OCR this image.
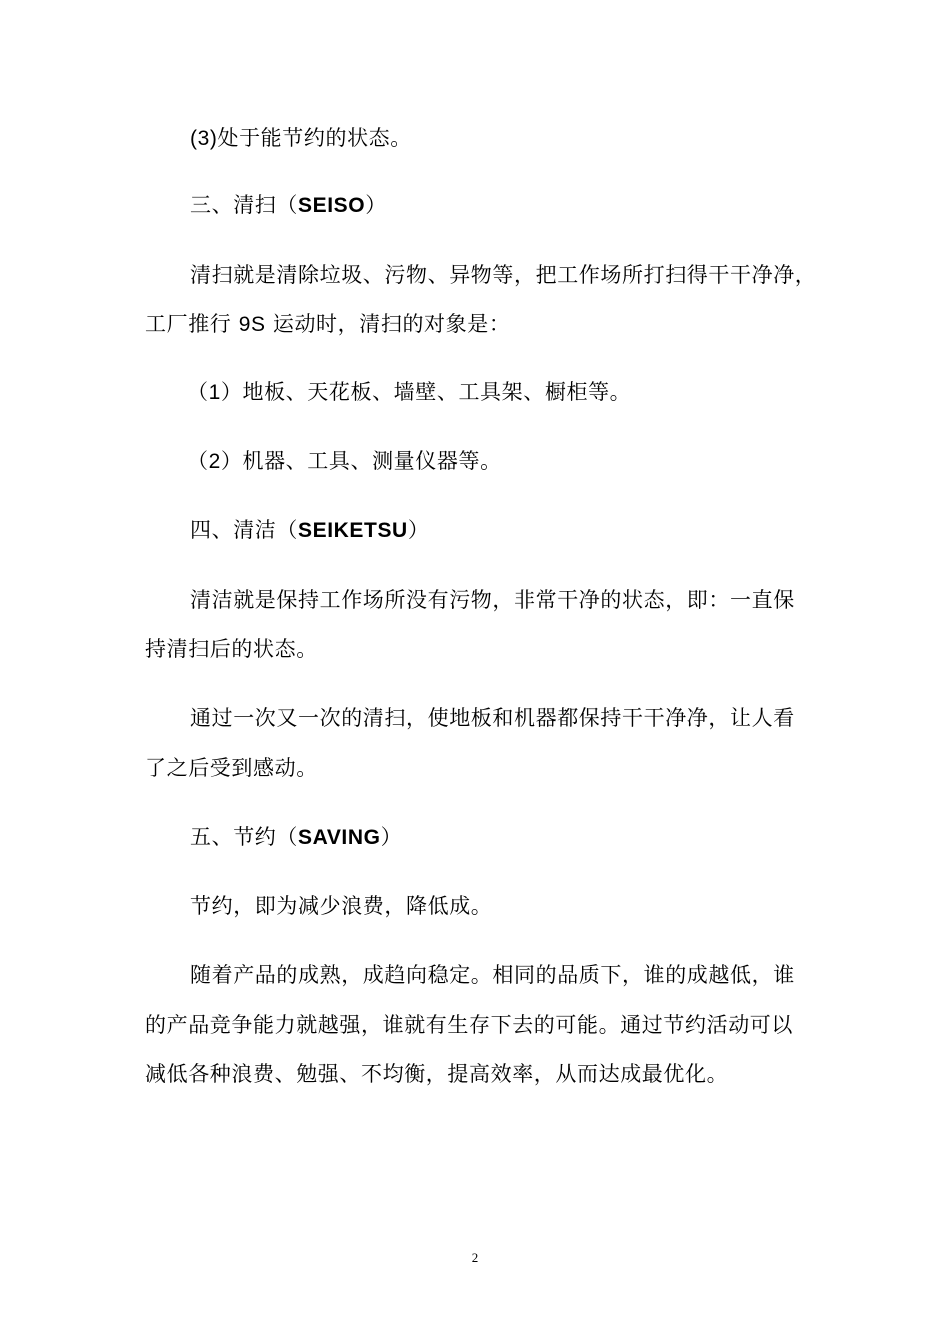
(3)处于能节约的状态。
三、清扫（SEISO）
清扫就是清除垃圾、污物、异物等，把工作场所打扫得干干净净，
工厂推行 9S 运动时，清扫的对象是：
（1）地板、天花板、墙壁、工具架、橱柜等。
（2）机器、工具、测量仪器等。
四、清洁（SEIKETSU）
清洁就是保持工作场所没有污物，非常干净的状态，即：一直保
持清扫后的状态。
通过一次又一次的清扫，使地板和机器都保持干干净净，让人看
了之后受到感动。
五、节约（SAVING）
节约，即为减少浪费，降低成。
随着产品的成熟，成趋向稳定。相同的品质下，谁的成越低，谁
的产品竞争能力就越强，谁就有生存下去的可能。通过节约活动可以
减低各种浪费、勉强、不均衡，提高效率，从而达成最优化。
2
